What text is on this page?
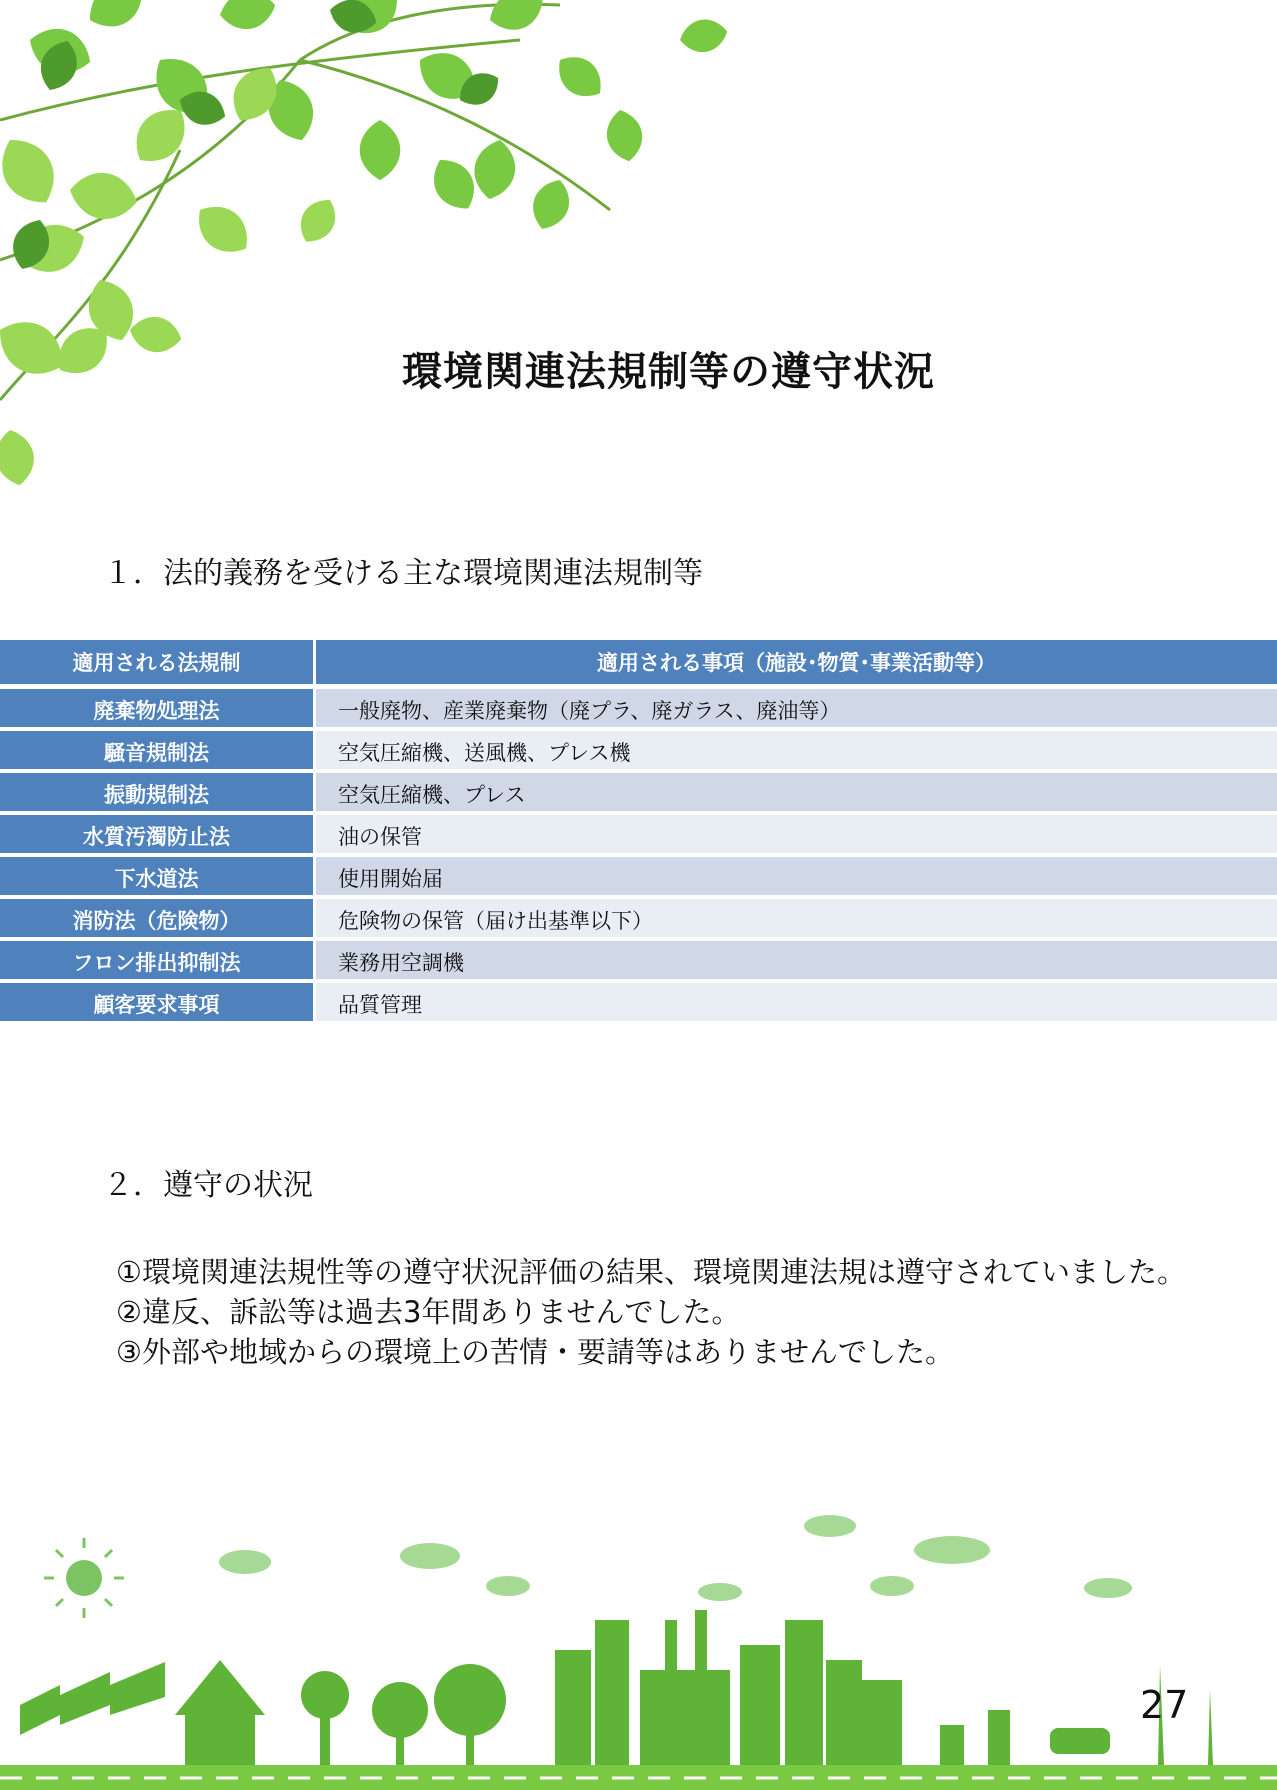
環境関連法規制等の遵守状況
１．法的義務を受ける主な環境関連法規制等
適用される法規制	適用される事項（施設･物質･事業活動等）
廃棄物処理法	一般廃物、産業廃棄物（廃プラ、廃ガラス、廃油等）
騒音規制法	空気圧縮機、送風機、プレス機
振動規制法	空気圧縮機、プレス
水質汚濁防止法	油の保管
下水道法	使用開始届
消防法（危険物）	危険物の保管（届け出基準以下）
フロン排出抑制法	業務用空調機
顧客要求事項	品質管理
２．遵守の状況
①環境関連法規性等の遵守状況評価の結果、環境関連法規は遵守されていました。
②違反、訴訟等は過去3年間ありませんでした。
③外部や地域からの環境上の苦情・要請等はありませんでした。
27
